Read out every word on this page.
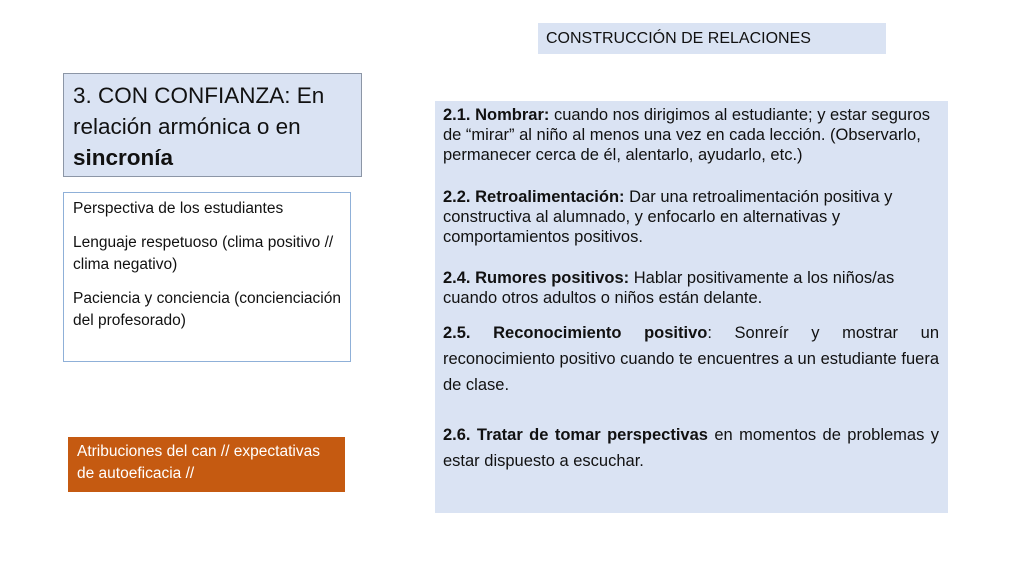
CONSTRUCCIÓN DE RELACIONES
3. CON CONFIANZA: En relación armónica o en sincronía

Perspectiva de los estudiantes

Lenguaje respetuoso (clima positivo // clima negativo)

Paciencia y conciencia (concienciación del profesorado)

Atribuciones del can // expectativas de autoeficacia //

2.1. Nombrar: cuando nos dirigimos al estudiante; y estar seguros de “mirar” al niño al menos una vez en cada lección. (Observarlo, permanecer cerca de él, alentarlo, ayudarlo, etc.)

2.2. Retroalimentación: Dar una retroalimentación positiva y constructiva al alumnado, y enfocarlo en alternativas y comportamientos positivos.

2.4. Rumores positivos: Hablar positivamente a los niños/as cuando otros adultos o niños están delante.

2.5. Reconocimiento positivo: Sonreír y mostrar un reconocimiento positivo cuando te encuentres a un estudiante fuera de clase.

2.6. Tratar de tomar perspectivas en momentos de problemas y estar dispuesto a escuchar.
